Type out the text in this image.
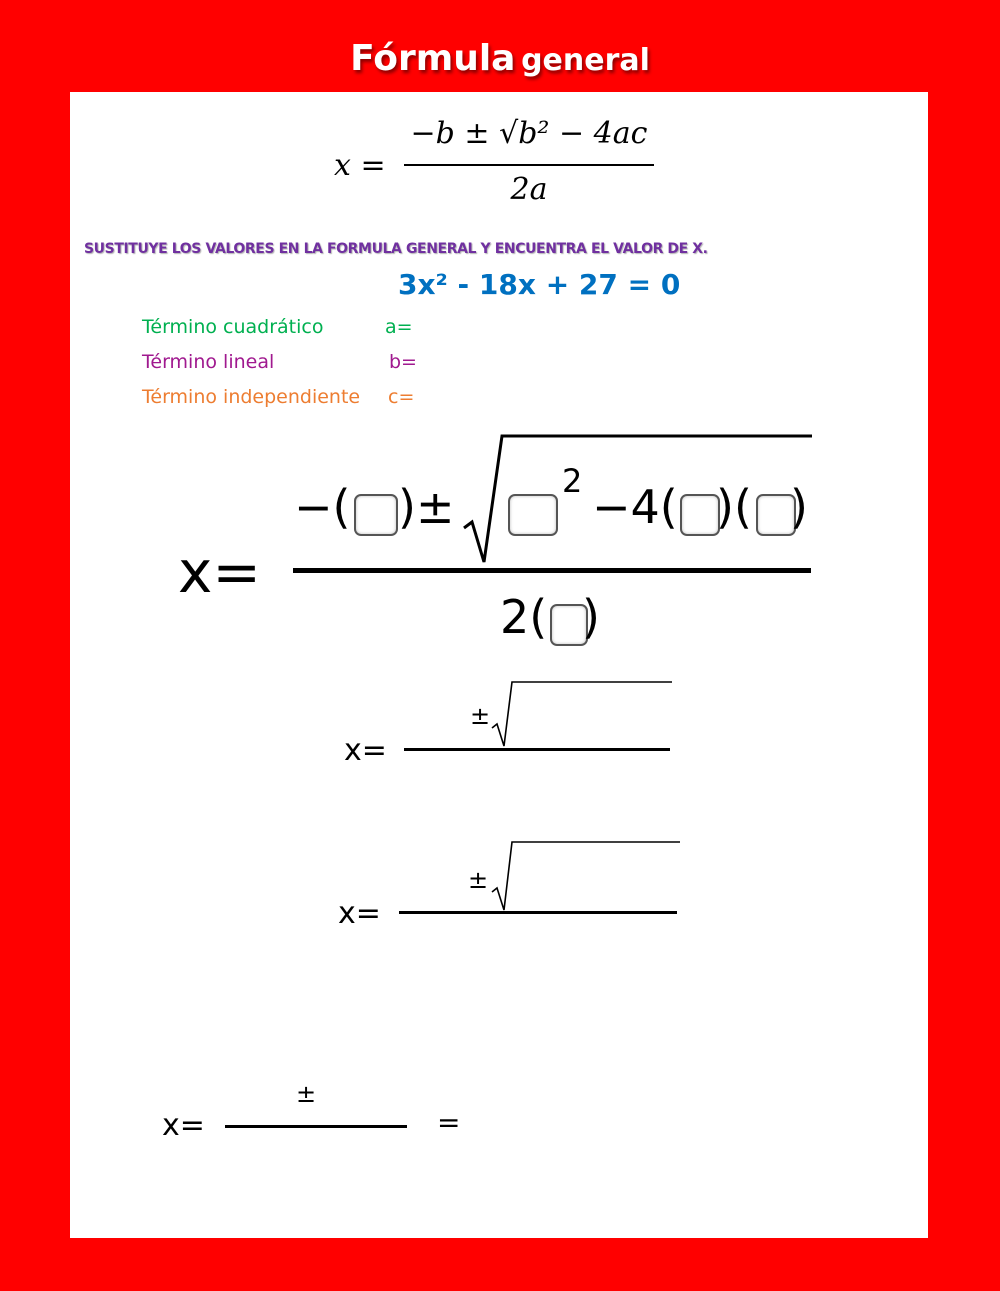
Fórmula general
x =
−b ± √b² − 4ac
2a
SUSTITUYE LOS VALORES EN LA FORMULA GENERAL Y ENCUENTRA EL VALOR DE X.
3x² - 18x + 27 = 0
Término cuadrático	a=
Término lineal	b=
Término independiente c=
x=
−( )±	2 −4( )( )
2( )
x=
±
x=
±
x=
±
=
